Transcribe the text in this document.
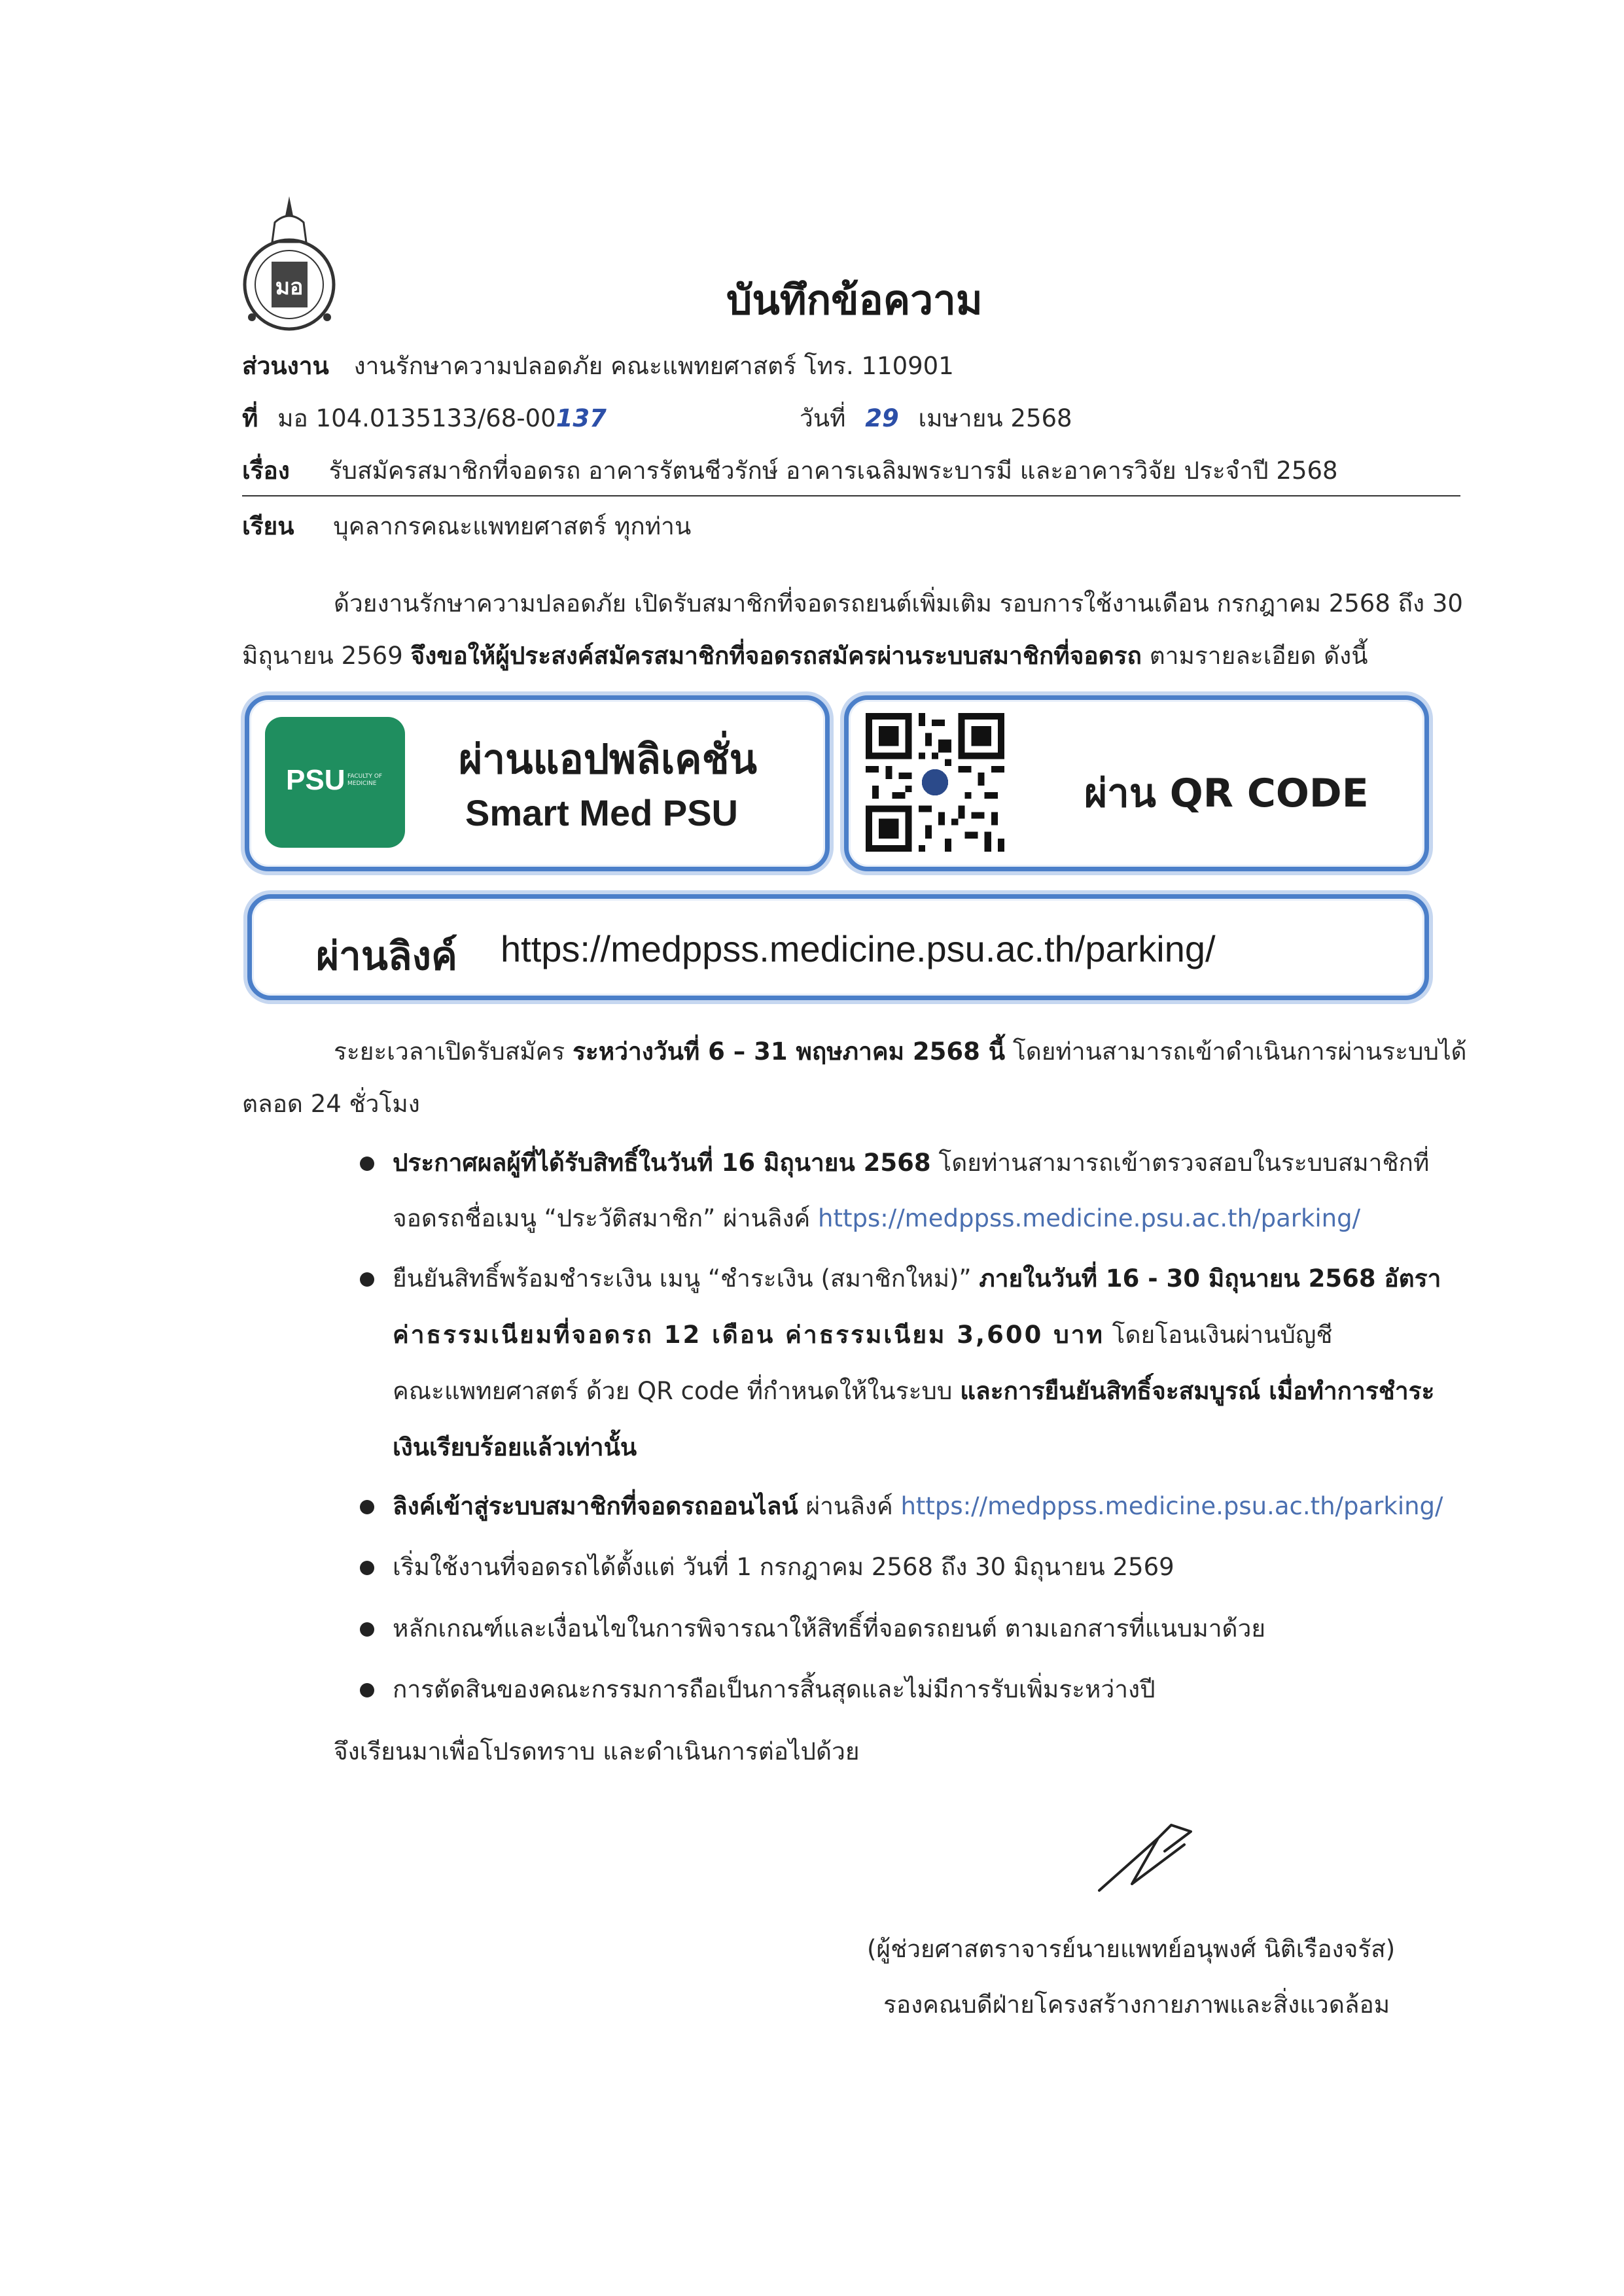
มอ	บันทึกข้อความ
ส่วนงาน งานรักษาความปลอดภัย คณะแพทยศาสตร์ โทร. 110901
ที่ มอ 104.0135133/68-00137	วันที่ 29 เมษายน 2568
เรื่อง รับสมัครสมาชิกที่จอดรถ อาคารรัตนชีวรักษ์ อาคารเฉลิมพระบารมี และอาคารวิจัย ประจำปี 2568
เรียน บุคลากรคณะแพทยศาสตร์ ทุกท่าน
ด้วยงานรักษาความปลอดภัย เปิดรับสมาชิกที่จอดรถยนต์เพิ่มเติม รอบการใช้งานเดือน กรกฎาคม 2568 ถึง 30
มิถุนายน 2569 จึงขอให้ผู้ประสงค์สมัครสมาชิกที่จอดรถสมัครผ่านระบบสมาชิกที่จอดรถ ตามรายละเอียด ดังนี้
PSU FACULTY OF MEDICINE
ผ่านแอปพลิเคชั่น
Smart Med PSU	ผ่าน QR CODE
ผ่านลิงค์ https://medppss.medicine.psu.ac.th/parking/
ระยะเวลาเปิดรับสมัคร ระหว่างวันที่ 6 – 31 พฤษภาคม 2568 นี้ โดยท่านสามารถเข้าดำเนินการผ่านระบบได้
ตลอด 24 ชั่วโมง
ประกาศผลผู้ที่ได้รับสิทธิ์ในวันที่ 16 มิถุนายน 2568 โดยท่านสามารถเข้าตรวจสอบในระบบสมาชิกที่
จอดรถชื่อเมนู “ประวัติสมาชิก” ผ่านลิงค์ https://medppss.medicine.psu.ac.th/parking/
ยืนยันสิทธิ์พร้อมชำระเงิน เมนู “ชำระเงิน (สมาชิกใหม่)” ภายในวันที่ 16 - 30 มิถุนายน 2568 อัตรา
ค่าธรรมเนียมที่จอดรถ 12 เดือน ค่าธรรมเนียม 3,600 บาท โดยโอนเงินผ่านบัญชี
คณะแพทยศาสตร์ ด้วย QR code ที่กำหนดให้ในระบบ และการยืนยันสิทธิ์จะสมบูรณ์ เมื่อทำการชำระ
เงินเรียบร้อยแล้วเท่านั้น
ลิงค์เข้าสู่ระบบสมาชิกที่จอดรถออนไลน์ ผ่านลิงค์ https://medppss.medicine.psu.ac.th/parking/
เริ่มใช้งานที่จอดรถได้ตั้งแต่ วันที่ 1 กรกฎาคม 2568 ถึง 30 มิถุนายน 2569
หลักเกณฑ์และเงื่อนไขในการพิจารณาให้สิทธิ์ที่จอดรถยนต์ ตามเอกสารที่แนบมาด้วย
การตัดสินของคณะกรรมการถือเป็นการสิ้นสุดและไม่มีการรับเพิ่มระหว่างปี
จึงเรียนมาเพื่อโปรดทราบ และดำเนินการต่อไปด้วย
(ผู้ช่วยศาสตราจารย์นายแพทย์อนุพงศ์ นิติเรืองจรัส)
รองคณบดีฝ่ายโครงสร้างกายภาพและสิ่งแวดล้อม
